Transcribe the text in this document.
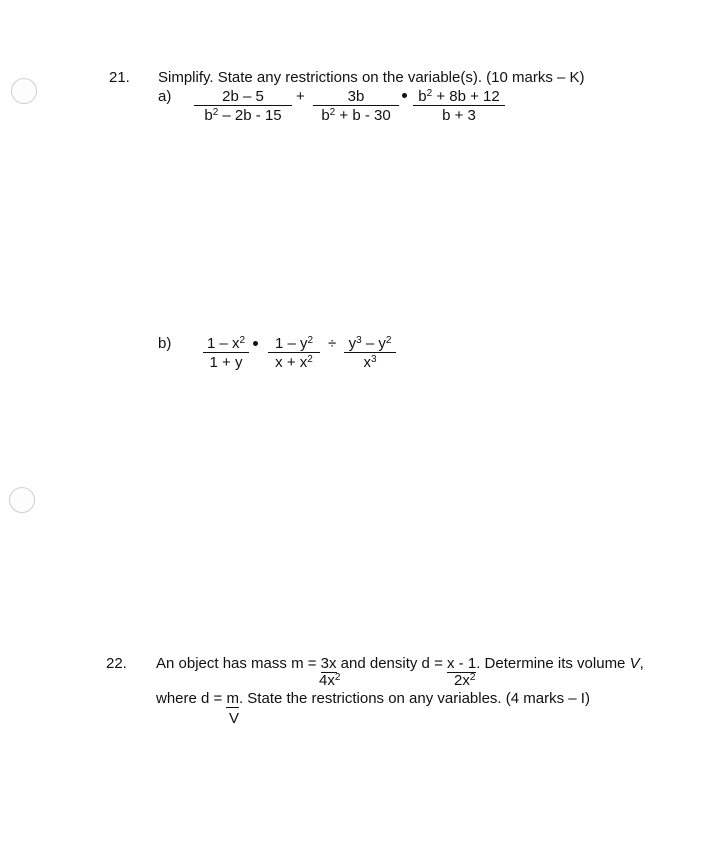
21. Simplify. State any restrictions on the variable(s). (10 marks – K)
$a) \frac{2b - 5}{b^2 - 2b - 15} + \frac{3b}{b^2 + b - 30} \frac{b^2 + 8b + 12}{b + 3}$
$b) \frac{1 - x^2}{1 + y} \frac{1 - y^2}{x + x^2} \div \frac{y^3 - y^2}{x^3}$
22. An object has mass m = 3x and density d = x - 1. Determine its volume V,
$4x^2$	$2x^2$
where d = m. State the restrictions on any variables. (4 marks – I)
V
